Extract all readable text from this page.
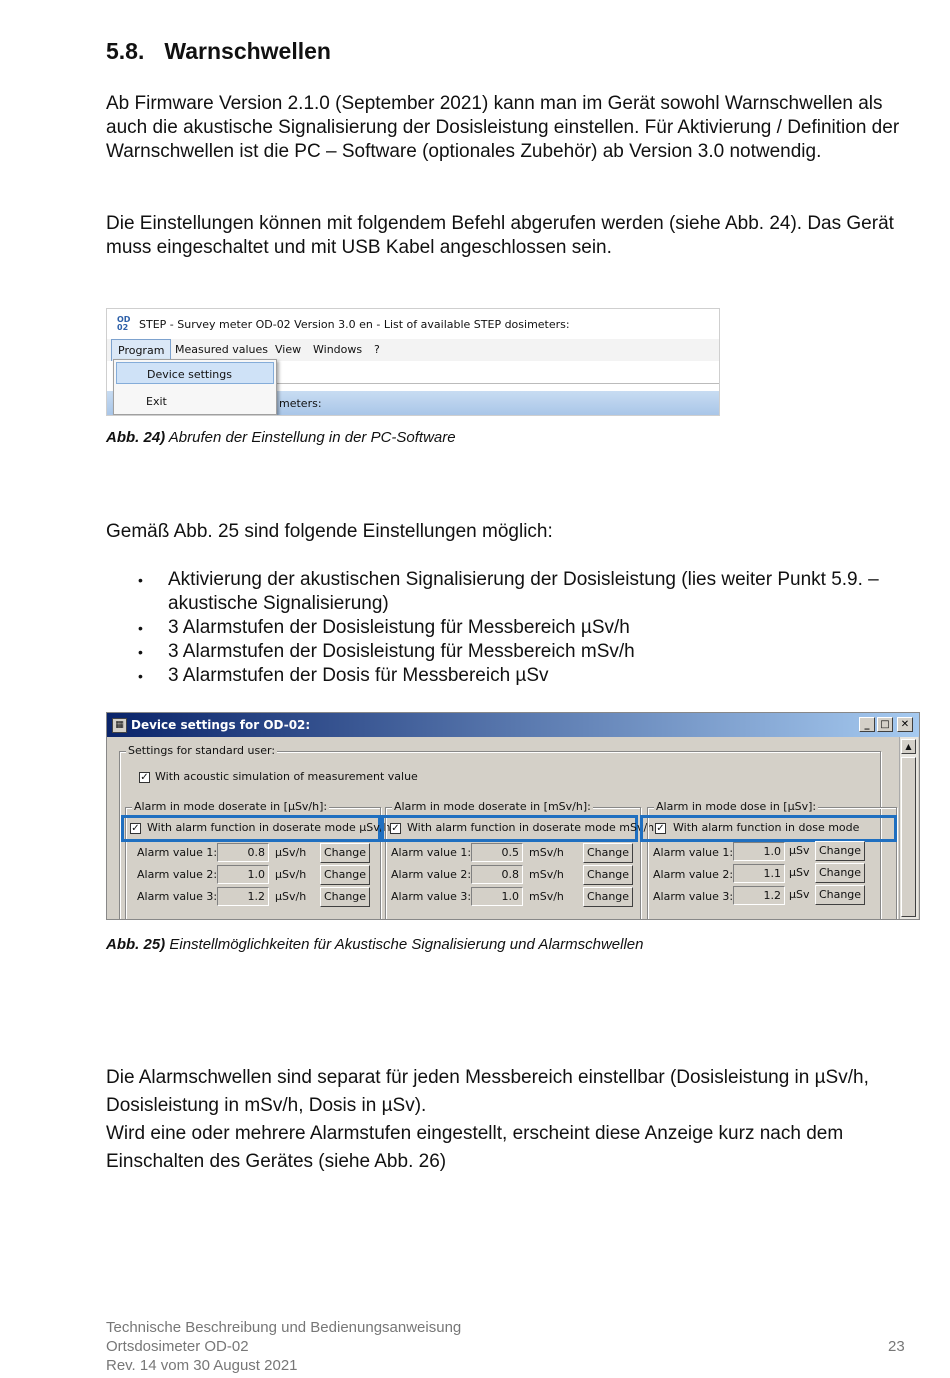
5.8. Warnschwellen

Ab Firmware Version 2.1.0 (September 2021) kann man im Gerät sowohl Warnschwellen als auch die akustische Signalisierung der Dosisleistung einstellen. Für Aktivierung / Definition der Warnschwellen ist die PC – Software (optionales Zubehör) ab Version 3.0 notwendig.

Die Einstellungen können mit folgendem Befehl abgerufen werden (siehe Abb. 24). Das Gerät muss eingeschaltet und mit USB Kabel angeschlossen sein.

OD 02 STEP - Survey meter OD-02 Version 3.0 en - List of available STEP dosimeters:
Program Measured values View Windows ?
meters:
Device settings
Exit
Abb. 24) Abrufen der Einstellung in der PC-Software

Gemäß Abb. 25 sind folgende Einstellungen möglich:

• Aktivierung der akustischen Signalisierung der Dosisleistung (lies weiter Punkt 5.9. – akustische Signalisierung)
• 3 Alarmstufen der Dosisleistung für Messbereich µSv/h
• 3 Alarmstufen der Dosisleistung für Messbereich mSv/h
• 3 Alarmstufen der Dosis für Messbereich µSv
▦ Device settings for OD-02:	_	□	✕
▲
Settings for standard user:
✓ With acoustic simulation of measurement value
Alarm in mode doserate in [µSv/h]:
✓ With alarm function in doserate mode µSv/h
Alarm value 1:	0.8 µSv/h	Change
Alarm value 2:	1.0 µSv/h	Change
Alarm value 3:	1.2 µSv/h	Change
Alarm in mode doserate in [mSv/h]:
✓ With alarm function in doserate mode mSv/h
Alarm value 1:	0.5 mSv/h	Change
Alarm value 2:	0.8 mSv/h	Change
Alarm value 3:	1.0 mSv/h	Change
Alarm in mode dose in [µSv]:
✓ With alarm function in dose mode
Alarm value 1:	1.0 µSv Change
Alarm value 2:	1.1 µSv Change
Alarm value 3:	1.2 µSv Change
Abb. 25) Einstellmöglichkeiten für Akustische Signalisierung und Alarmschwellen

Die Alarmschwellen sind separat für jeden Messbereich einstellbar (Dosisleistung in µSv/h, Dosisleistung in mSv/h, Dosis in µSv).

Wird eine oder mehrere Alarmstufen eingestellt, erscheint diese Anzeige kurz nach dem Einschalten des Gerätes (siehe Abb. 26)

Technische Beschreibung und Bedienungsanweisung
Ortsdosimeter OD-02
Rev. 14 vom 30 August 2021
23
